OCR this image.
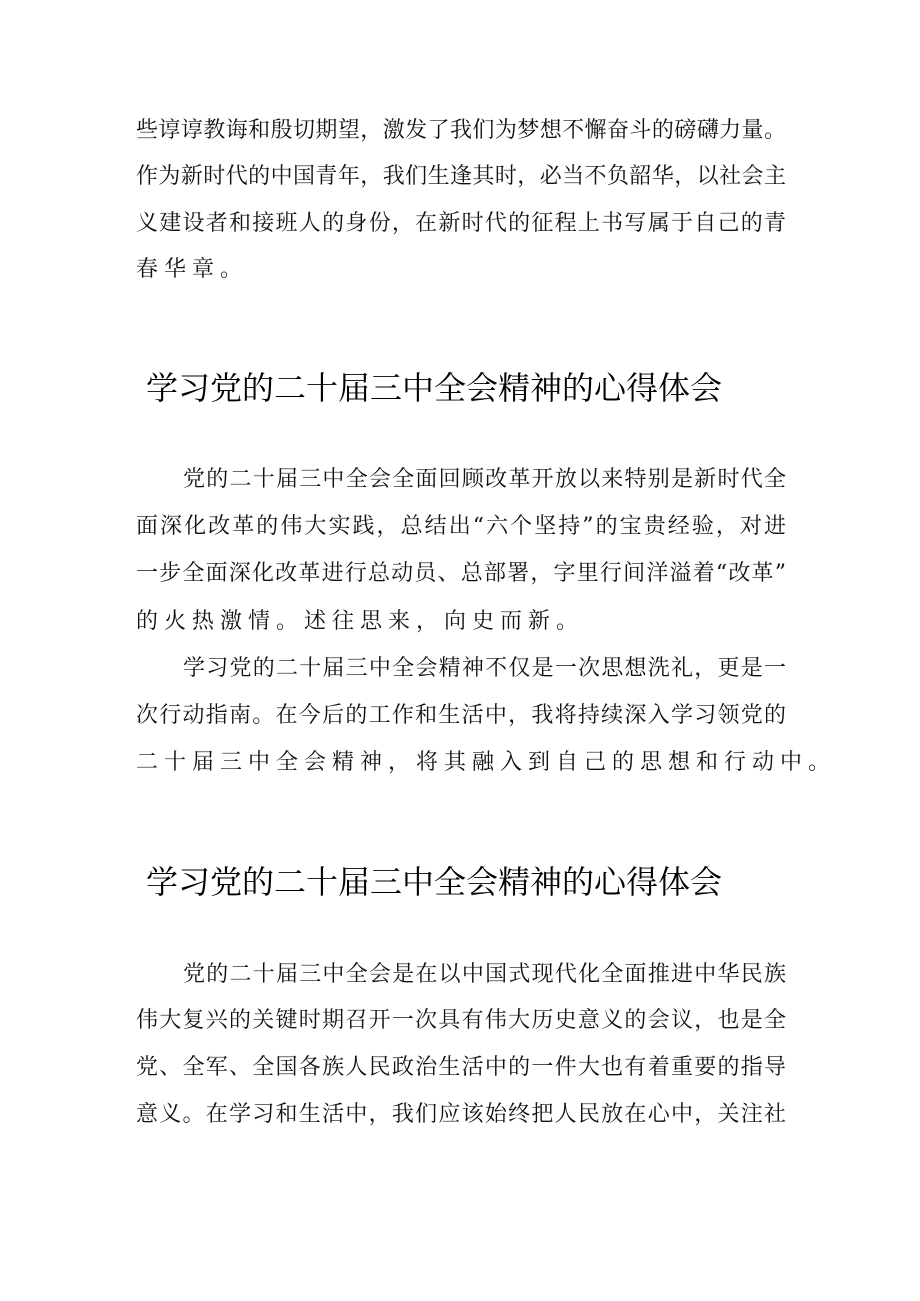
些谆谆教诲和殷切期望，激发了我们为梦想不懈奋斗的磅礴力量。
作为新时代的中国青年，我们生逢其时，必当不负韶华，以社会主
义建设者和接班人的身份，在新时代的征程上书写属于自己的青
春华章。
学习党的二十届三中全会精神的心得体会
党的二十届三中全会全面回顾改革开放以来特别是新时代全
面深化改革的伟大实践，总结出“六个坚持”的宝贵经验，对进
一步全面深化改革进行总动员、总部署，字里行间洋溢着“改革”
的火热激情。述往思来，向史而新。
学习党的二十届三中全会精神不仅是一次思想洗礼，更是一
次行动指南。在今后的工作和生活中，我将持续深入学习领党的
二十届三中全会精神，将其融入到自己的思想和行动中。
学习党的二十届三中全会精神的心得体会
党的二十届三中全会是在以中国式现代化全面推进中华民族
伟大复兴的关键时期召开一次具有伟大历史意义的会议，也是全
党、全军、全国各族人民政治生活中的一件大也有着重要的指导
意义。在学习和生活中，我们应该始终把人民放在心中，关注社
